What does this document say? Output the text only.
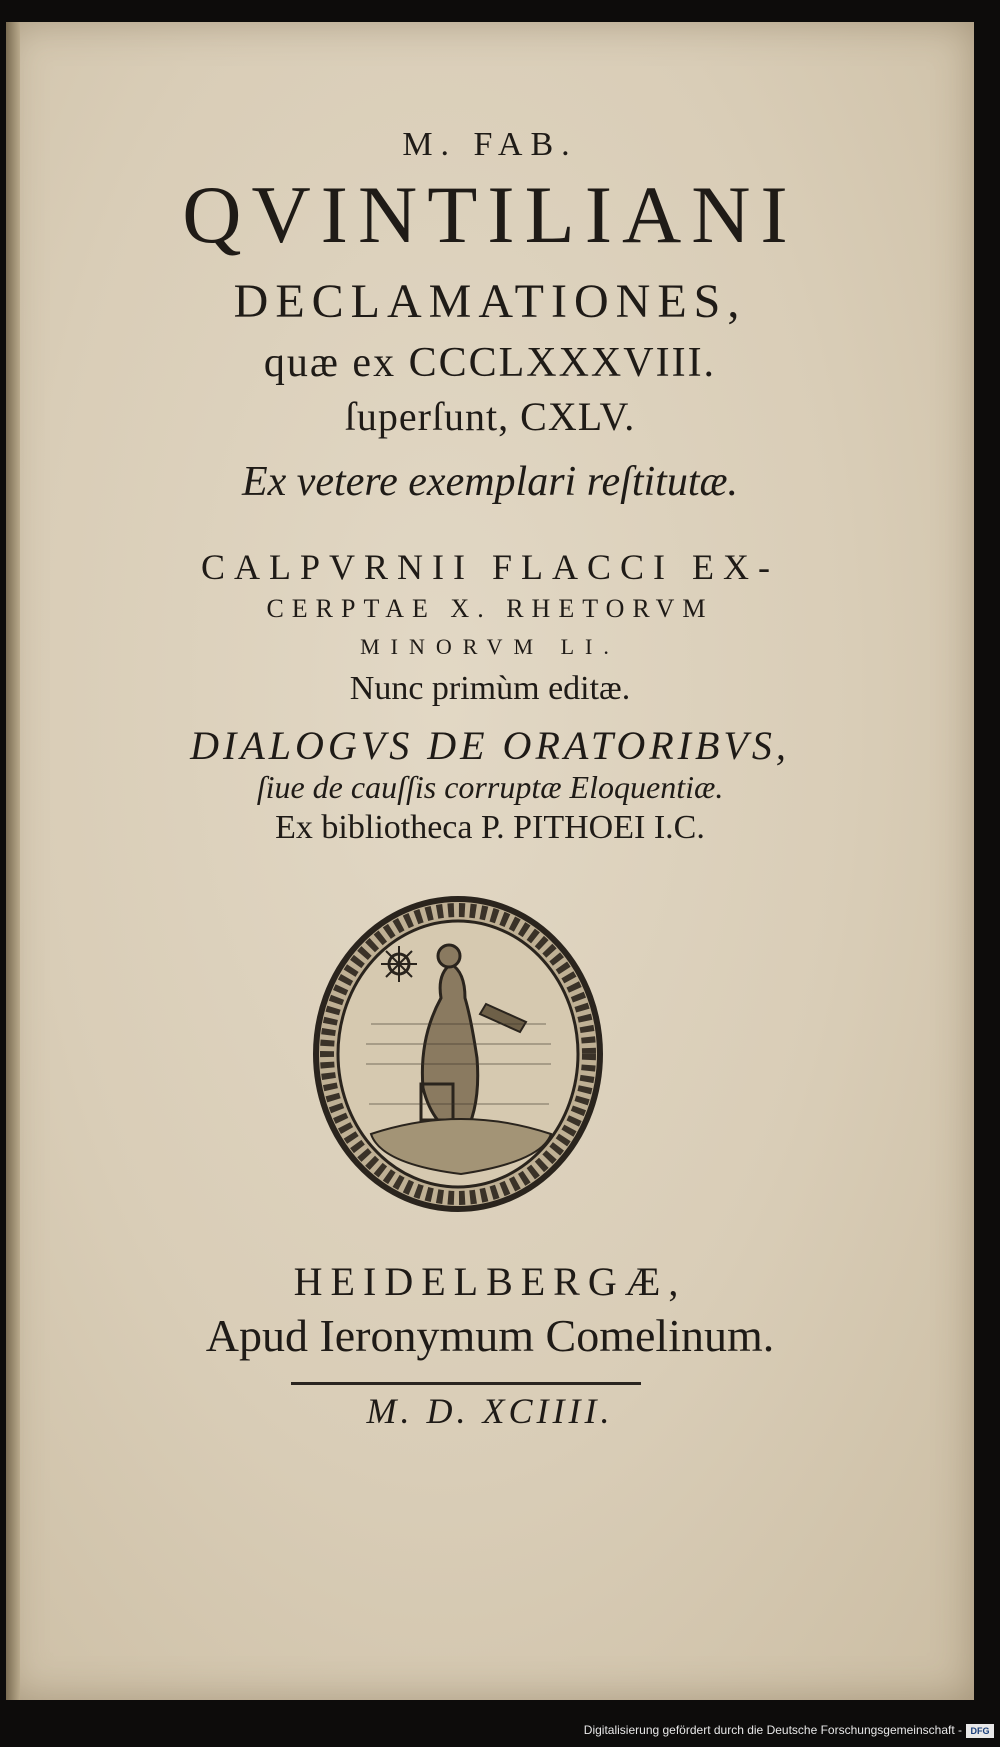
M. FAB.
QVINTILIANI
DECLAMATIONES,
quæ ex CCCLXXXVIII.
ſuperſunt, CXLV.
Ex vetere exemplari reſtitutæ.
CALPVRNII FLACCI EX-
CERPTAE X. RHETORVM
MINORVM LI.
Nunc primùm editæ.
DIALOGVS DE ORATORIBVS,
ſiue de cauſſis corruptæ Eloquentiæ.
Ex bibliotheca P. PITHOEI I.C.
HEIDELBERGÆ,
Apud Ieronymum Comelinum.
M. D. XCIIII.
Digitalisierung gefördert durch die Deutsche Forschungsgemeinschaft - DFG
